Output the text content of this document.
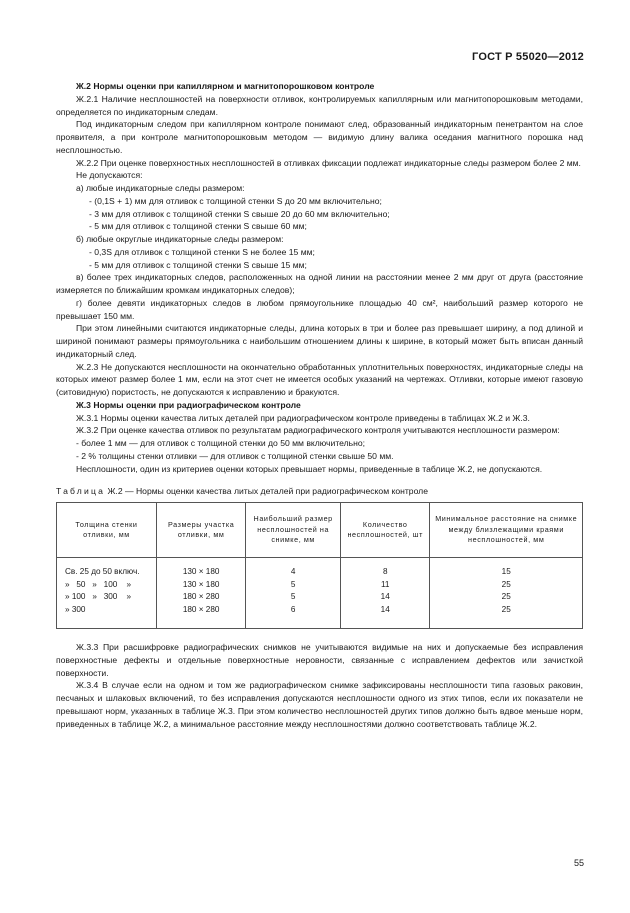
ГОСТ Р 55020—2012

Ж.2 Нормы оценки при капиллярном и магнитопорошковом контроле

Ж.2.1 Наличие несплошностей на поверхности отливок, контролируемых капиллярным или магнитопорошковым методами, определяется по индикаторным следам.

Под индикаторным следом при капиллярном контроле понимают след, образованный индикаторным пенетрантом на слое проявителя, а при контроле магнитопорошковым методом — видимую длину валика оседания магнитного порошка над несплошностью.

Ж.2.2 При оценке поверхностных несплошностей в отливках фиксации подлежат индикаторные следы размером более 2 мм.

Не допускаются:

а) любые индикаторные следы размером:

- (0,1S + 1) мм для отливок с толщиной стенки S до 20 мм включительно;

- 3 мм для отливок с толщиной стенки S свыше 20 до 60 мм включительно;

- 5 мм для отливок с толщиной стенки S свыше 60 мм;

б) любые округлые индикаторные следы размером:

- 0,3S для отливок с толщиной стенки S не более 15 мм;

- 5 мм для отливок с толщиной стенки S свыше 15 мм;

в) более трех индикаторных следов, расположенных на одной линии на расстоянии менее 2 мм друг от друга (расстояние измеряется по ближайшим кромкам индикаторных следов);

г) более девяти индикаторных следов в любом прямоугольнике площадью 40 см², наибольший размер которого не превышает 150 мм.

При этом линейными считаются индикаторные следы, длина которых в три и более раз превышает ширину, а под длиной и шириной понимают размеры прямоугольника с наибольшим отношением длины к ширине, в который может быть вписан данный индикаторный след.

Ж.2.3 Не допускаются несплошности на окончательно обработанных уплотнительных поверхностях, индикаторные следы на которых имеют размер более 1 мм, если на этот счет не имеется особых указаний на чертежах. Отливки, которые имеют газовую (ситовидную) пористость, не допускаются к исправлению и бракуются.

Ж.3 Нормы оценки при радиографическом контроле

Ж.3.1 Нормы оценки качества литых деталей при радиографическом контроле приведены в таблицах Ж.2 и Ж.3.

Ж.3.2 При оценке качества отливок по результатам радиографического контроля учитываются несплошности размером:

- более 1 мм — для отливок с толщиной стенки до 50 мм включительно;

- 2 % толщины стенки отливки — для отливок с толщиной стенки свыше 50 мм.

Несплошности, один из критериев оценки которых превышает нормы, приведенные в таблице Ж.2, не допускаются.

Таблица Ж.2 — Нормы оценки качества литых деталей при радиографическом контроле

Толщина стенки отливки, мм	Размеры участка отливки, мм	Наибольший размер несплошностей на снимке, мм	Количество несплошностей, шт	Минимальное расстояние на снимке между близлежащими краями несплошностей, мм

Св. 25 до 50 включ.	130 × 180	4	8	15
»   50   »   100    »	130 × 180	5	11	25
» 100   »   300    »	180 × 280	5	14	25
» 300	180 × 280	6	14	25

Ж.3.3 При расшифровке радиографических снимков не учитываются видимые на них и допускаемые без исправления поверхностные дефекты и отдельные поверхностные неровности, связанные с исправлением дефектов или зачисткой поверхности.

Ж.3.4 В случае если на одном и том же радиографическом снимке зафиксированы несплошности типа газовых раковин, песчаных и шлаковых включений, то без исправления допускаются несплошности одного из этих типов, если их показатели не превышают норм, указанных в таблице Ж.3. При этом количество несплошностей других типов должно быть вдвое меньше норм, приведенных в таблице Ж.2, а минимальное расстояние между несплошностями должно соответствовать таблице Ж.2.

55
